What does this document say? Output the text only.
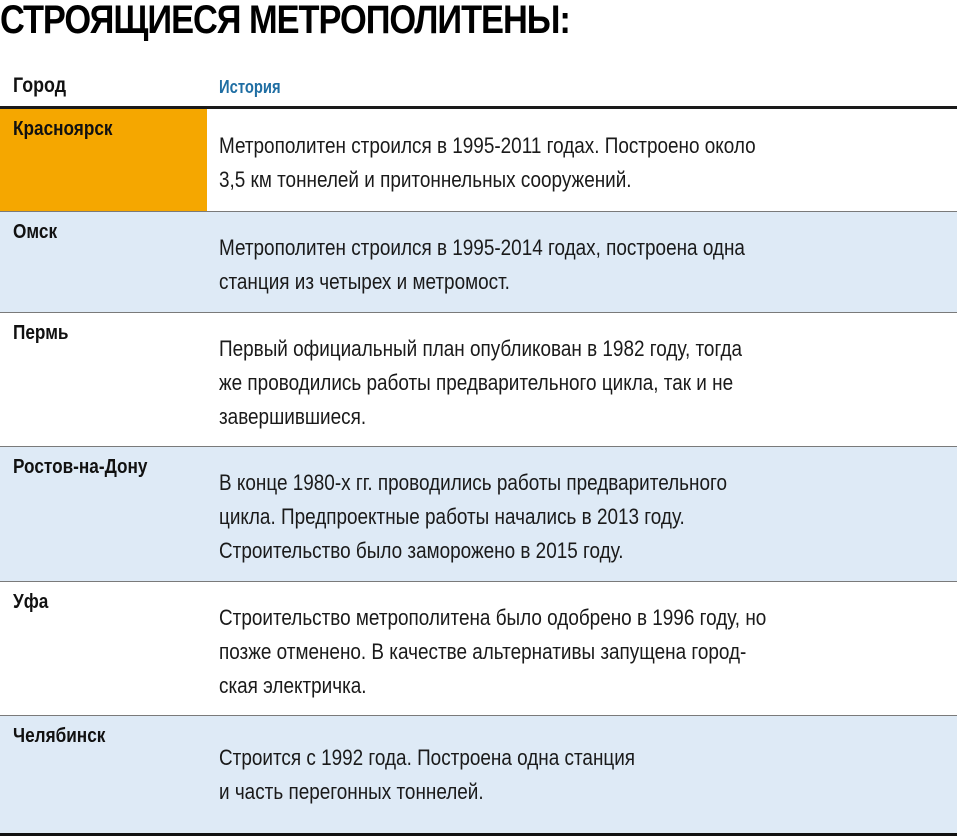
СТРОЯЩИЕСЯ МЕТРОПОЛИТЕНЫ:
Город	История
Красноярск
Метрополитен строился в 1995-2011 годах. Построено около
3,5 км тоннелей и притоннельных сооружений.
Омск
Метрополитен строился в 1995-2014 годах, построена одна
станция из четырех и метромост.
Пермь
Первый официальный план опубликован в 1982 году, тогда
же проводились работы предварительного цикла, так и не
завершившиеся.
Ростов-на-Дону
В конце 1980-х гг. проводились работы предварительного
цикла. Предпроектные работы начались в 2013 году.
Строительство было заморожено в 2015 году.
Уфа
Строительство метрополитена было одобрено в 1996 году, но
позже отменено. В качестве альтернативы запущена город-
ская электричка.
Челябинск
Строится с 1992 года. Построена одна станция
и часть перегонных тоннелей.
